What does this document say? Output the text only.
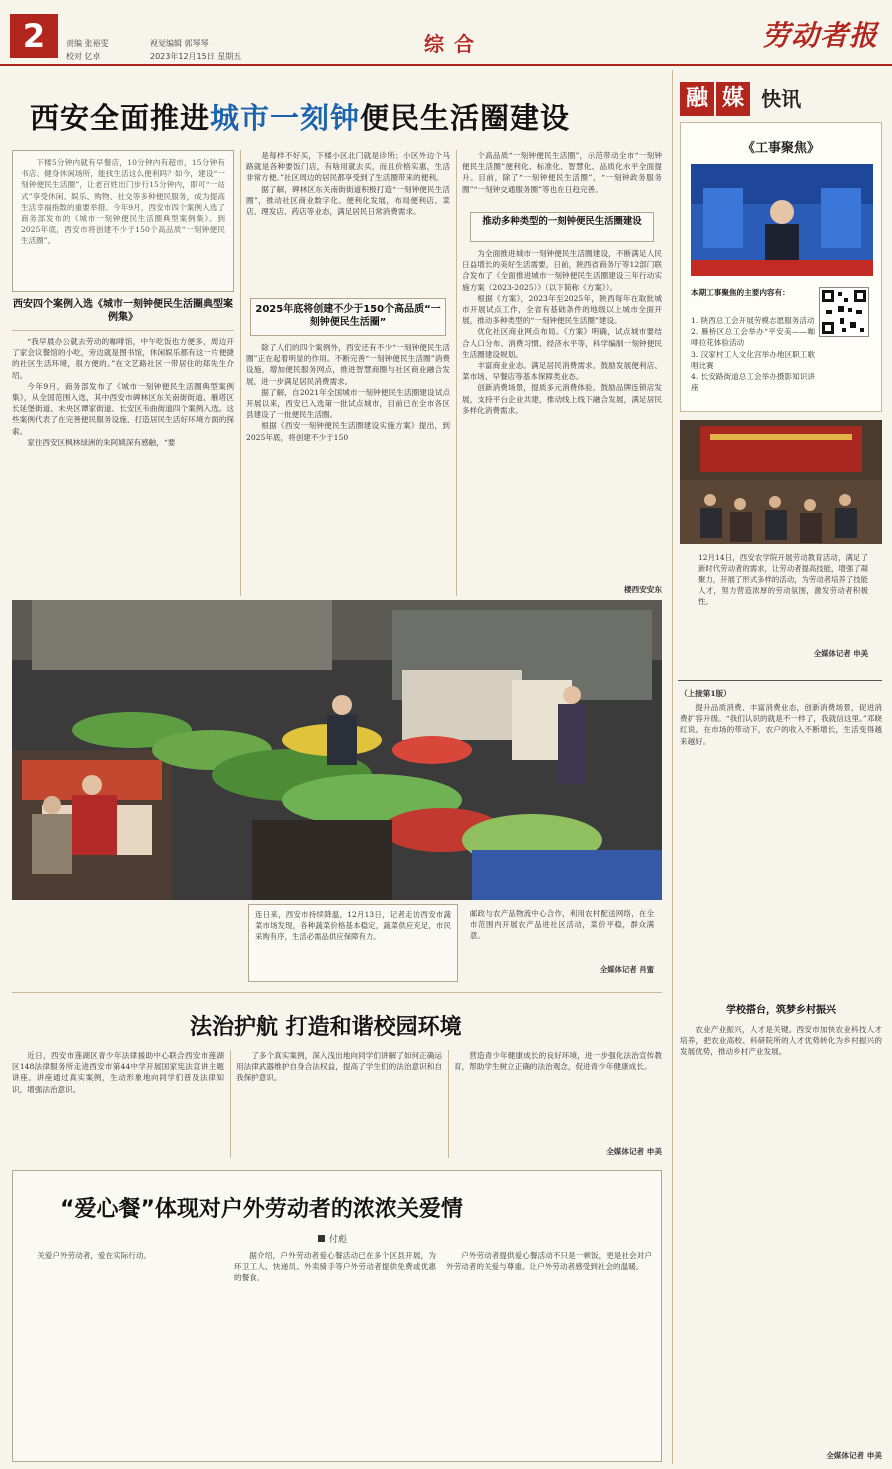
2	责编 张裕雯
校对 亿卓
视觉编辑 郭琴琴
2023年12月15日 星期五
综合	劳动者报
西安全面推进城市一刻钟便民生活圈建设

下楼5分钟内就有早餐店，10分钟内有超市，15分钟有书店、健身休闲场所，能找生活这么便利吗？如今，建设“一刻钟便民生活圈”，让老百姓出门步行15分钟内，即可“一站式”享受休闲、娱乐、购物、社交等多种便民服务，成为提高生活幸福指数的重要举措。今年9月，西安市四个案例入选了商务部发布的《城市一刻钟便民生活圈典型案例集》。到2025年底，西安市将创建不少于150个高品质“一刻钟便民生活圈”。

西安四个案例入选《城市一刻钟便民生活圈典型案例集》

“我早晨办公就去劳动的咖啡馆，中午吃饭也方便多，周边开了家会议餐馆的小吃，旁边就是图书馆，休闲娱乐都有这一片便捷的社区生活环境，很方便的。”在文艺路社区一带居住的郑先生介绍。

今年9月，商务部发布了《城市一刻钟便民生活圈典型案例集》，从全国范围入选，其中西安市碑林区东关南街街道、雁塔区长延堡街道、未央区谭家街道、长安区韦曲街道四个案例入选。这些案例代表了在完善便民服务设施、打造居民生活好环境方面的探索。

家住西安区枫林绿洲的朱阿姨深有感触，“要

是每样不好买，下楼小区北门就是诊所；小区外边个马路就是各种要饭门店，有啥用就去买，而且价格实惠，生活非常方便。”社区周边的居民都享受到了生活圈带来的便利。

据了解，碑林区东关南街街道积极打造“一刻钟便民生活圈”，推动社区商业数字化、便利化发展，布局便利店、菜店、理发店、药店等业态，满足居民日常消费需求。

2025年底将创建不少于150个高品质“一刻钟便民生活圈”

除了人们的四个案例外，西安还有不少“一刻钟便民生活圈”正在起着明显的作用。不断完善“一刻钟便民生活圈”消费设施，增加便民服务网点，推进智慧商圈与社区商业融合发展，进一步满足居民消费需求。

据了解，自2021年全国城市一刻钟便民生活圈建设试点开展以来，西安已入选第一批试点城市，目前已在全市各区县建设了一批便民生活圈。

根据《西安一刻钟便民生活圈建设实施方案》提出，到2025年底，将创建不少于150

个高品质“一刻钟便民生活圈”，示范带动全市“一刻钟便民生活圈”便利化、标准化、智慧化、品质化水平全面提升。目前，除了“一刻钟便民生活圈”，“一刻钟政务服务圈”“一刻钟交通服务圈”等也在日趋完善。

推动多种类型的一刻钟便民生活圈建设

为全面推进城市一刻钟便民生活圈建设，不断满足人民日益增长的美好生活需要，日前，陕西省商务厅等12部门联合发布了《全面推进城市一刻钟便民生活圈建设三年行动实施方案（2023-2025）》（以下简称《方案》）。

根据《方案》，2023年至2025年，陕西每年在取批城市开展试点工作，全省有基础条件的地级以上城市全面开展，推动多种类型的“一刻钟便民生活圈”建设。

优化社区商业网点布局。《方案》明确，试点城市要结合人口分布、消费习惯、经济水平等，科学编制一刻钟便民生活圈建设规划。

丰富商业业态。满足居民消费需求。鼓励发展便利店、菜市场、早餐店等基本保障类业态。

创新消费场景，提质多元消费体验。鼓励品牌连锁店发展，支持平台企业共建，推动线上线下融合发展，满足居民多样化消费需求。

楼西安安东
连日来，西安市持续降温，12月13日，记者走访西安市蔬菜市场发现，各种蔬菜价格基本稳定，蔬菜供应充足，市民采购有序，生活必需品供应保障有力。
邮政与农产品物流中心合作，利用农村配送网络，在全市范围内开展农产品进社区活动，菜价平稳，群众满意。
全媒体记者 肖蜜
法治护航 打造和谐校园环境

近日，西安市莲湖区青少年法律援助中心联合西安市莲湖区148法律服务所走进西安市第44中学开展国家宪法宣讲主题讲座。讲座通过真实案例，生动形象地向同学们普及法律知识，增强法治意识。

了多个真实案例，深入浅出地向同学们讲解了如何正确运用法律武器维护自身合法权益，提高了学生们的法治意识和自我保护意识。

营造青少年健康成长的良好环境，进一步强化法治宣传教育，帮助学生树立正确的法治观念，促进青少年健康成长。

全媒体记者 申美
“爱心餐”体现对户外劳动者的浓浓关爱情
付彪

关爱户外劳动者，爱在实际行动。	据介绍，户外劳动者爱心餐活动已在多个区县开展，为环卫工人、快递员、外卖骑手等户外劳动者提供免费或优惠的餐食。

户外劳动者提供爱心餐活动不只是一顿饭，更是社会对户外劳动者的关爱与尊重。让户外劳动者感受到社会的温暖。

融 媒 快讯
《工事聚焦》
本期工事聚焦的主要内容有：
1. 陕西总工会开展劳模志愿服务活动
2. 雁桥区总工会举办“平安美——咖啡拉花体验活动
3. 汉家村工人文化宫举办地区职工歌唱比赛
4. 长安路街道总工会举办摄影知识讲座
12月14日，西安农学院开展劳动教育活动，满足了新时代劳动者的需求，让劳动者提高技能，增强了凝聚力，开展了形式多样的活动，为劳动者培养了技能人才，努力营造浓厚的劳动氛围，激发劳动者积极性。
全媒体记者 申美
（上接第1版）

提升品质消费、丰富消费业态，创新消费场景，促进消费扩容升级。“我们认识的就是不一样了，我就信这里。”邓晓红说。在市场的带动下，农户的收入不断增长，生活变得越来越好。

学校搭台，筑梦乡村振兴

农业产业振兴，人才是关键。西安市加快农业科技人才培养，把农业高校、科研院所的人才优势转化为乡村振兴的发展优势，推动乡村产业发展。

全媒体记者 申美
